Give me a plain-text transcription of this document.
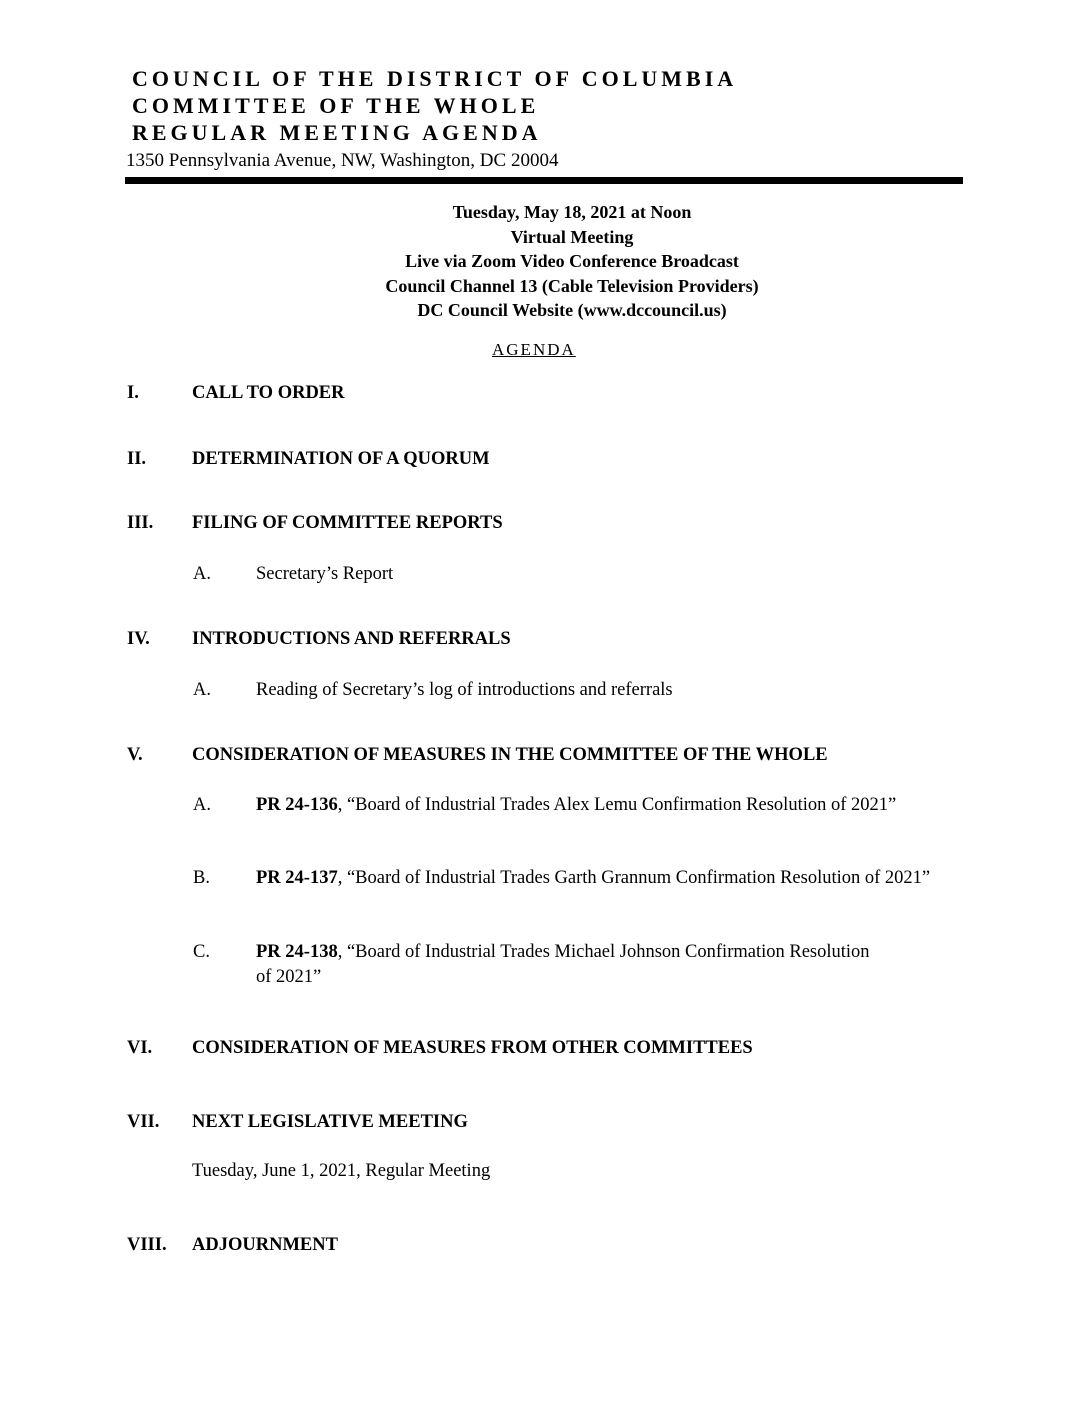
COUNCIL OF THE DISTRICT OF COLUMBIA

COMMITTEE OF THE WHOLE

REGULAR MEETING AGENDA

1350 Pennsylvania Avenue, NW, Washington, DC 20004

Tuesday, May 18, 2021 at Noon
Virtual Meeting
Live via Zoom Video Conference Broadcast
Council Channel 13 (Cable Television Providers)
DC Council Website (www.dccouncil.us)

AGENDA

I.	CALL TO ORDER
II. DETERMINATION OF A QUORUM
III. FILING OF COMMITTEE REPORTS
A. Secretary’s Report
IV. INTRODUCTIONS AND REFERRALS
A. Reading of Secretary’s log of introductions and referrals
V.	CONSIDERATION OF MEASURES IN THE COMMITTEE OF THE WHOLE
A. PR 24-136, “Board of Industrial Trades Alex Lemu Confirmation Resolution of 2021”
B. PR 24-137, “Board of Industrial Trades Garth Grannum Confirmation Resolution of 2021”
C. PR 24-138, “Board of Industrial Trades Michael Johnson Confirmation Resolution of 2021”
VI. CONSIDERATION OF MEASURES FROM OTHER COMMITTEES
VII. NEXT LEGISLATIVE MEETING
Tuesday, June 1, 2021, Regular Meeting
VIII. ADJOURNMENT
